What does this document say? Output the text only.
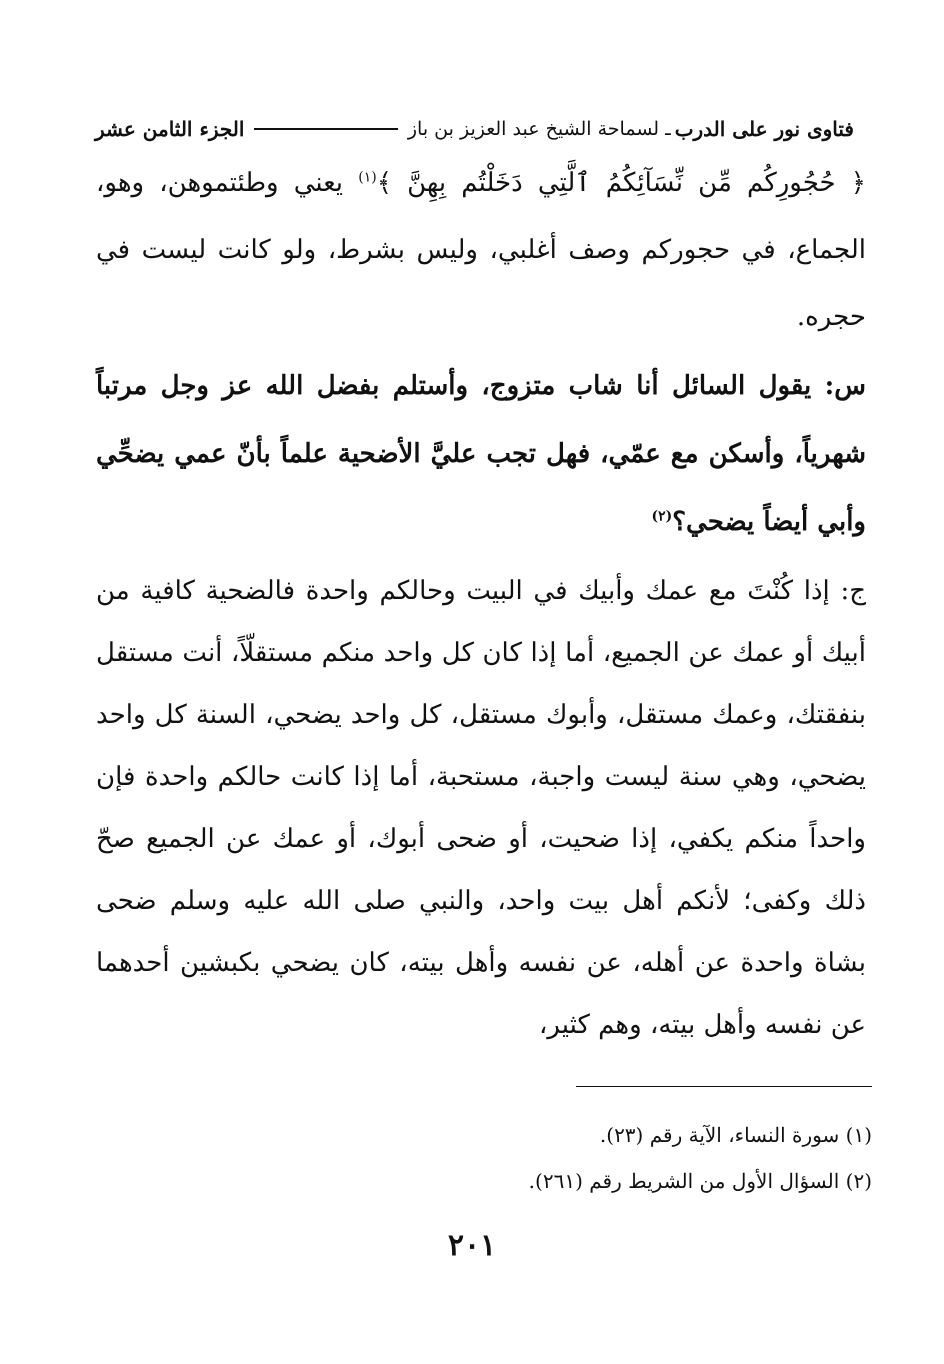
فتاوى نور على الدرب
ـ لسماحة الشيخ عبد العزيز بن باز
الجزء الثامن عشر

﴿ حُجُورِكُم مِّن نِّسَآئِكُمُ ٱلَّتِي دَخَلْتُم بِهِنَّ ﴾$^{(١)}$ يعني وطئتموهن، وهو، الجماع، في حجوركم وصف أغلبي، وليس بشرط، ولو كانت ليست في حجره.

س: يقول السائل أنا شاب متزوج، وأستلم بفضل الله عز وجل مرتباً شهرياً، وأسكن مع عمّي، فهل تجب عليَّ الأضحية علماً بأنّ عمي يضحِّي وأبي أيضاً يضحي؟$^{(٢)}$

ج: إذا كُنْتَ مع عمك وأبيك في البيت وحالكم واحدة فالضحية كافية من أبيك أو عمك عن الجميع، أما إذا كان كل واحد منكم مستقلّاً، أنت مستقل بنفقتك، وعمك مستقل، وأبوك مستقل، كل واحد يضحي، السنة كل واحد يضحي، وهي سنة ليست واجبة، مستحبة، أما إذا كانت حالكم واحدة فإن واحداً منكم يكفي، إذا ضحيت، أو ضحى أبوك، أو عمك عن الجميع صحّ ذلك وكفى؛ لأنكم أهل بيت واحد، والنبي صلى الله عليه وسلم ضحى بشاة واحدة عن أهله، عن نفسه وأهل بيته، كان يضحي بكبشين أحدهما عن نفسه وأهل بيته، وهم كثير،

(١) سورة النساء، الآية رقم (٢٣).

(٢) السؤال الأول من الشريط رقم (٢٦١).

٢٠١
